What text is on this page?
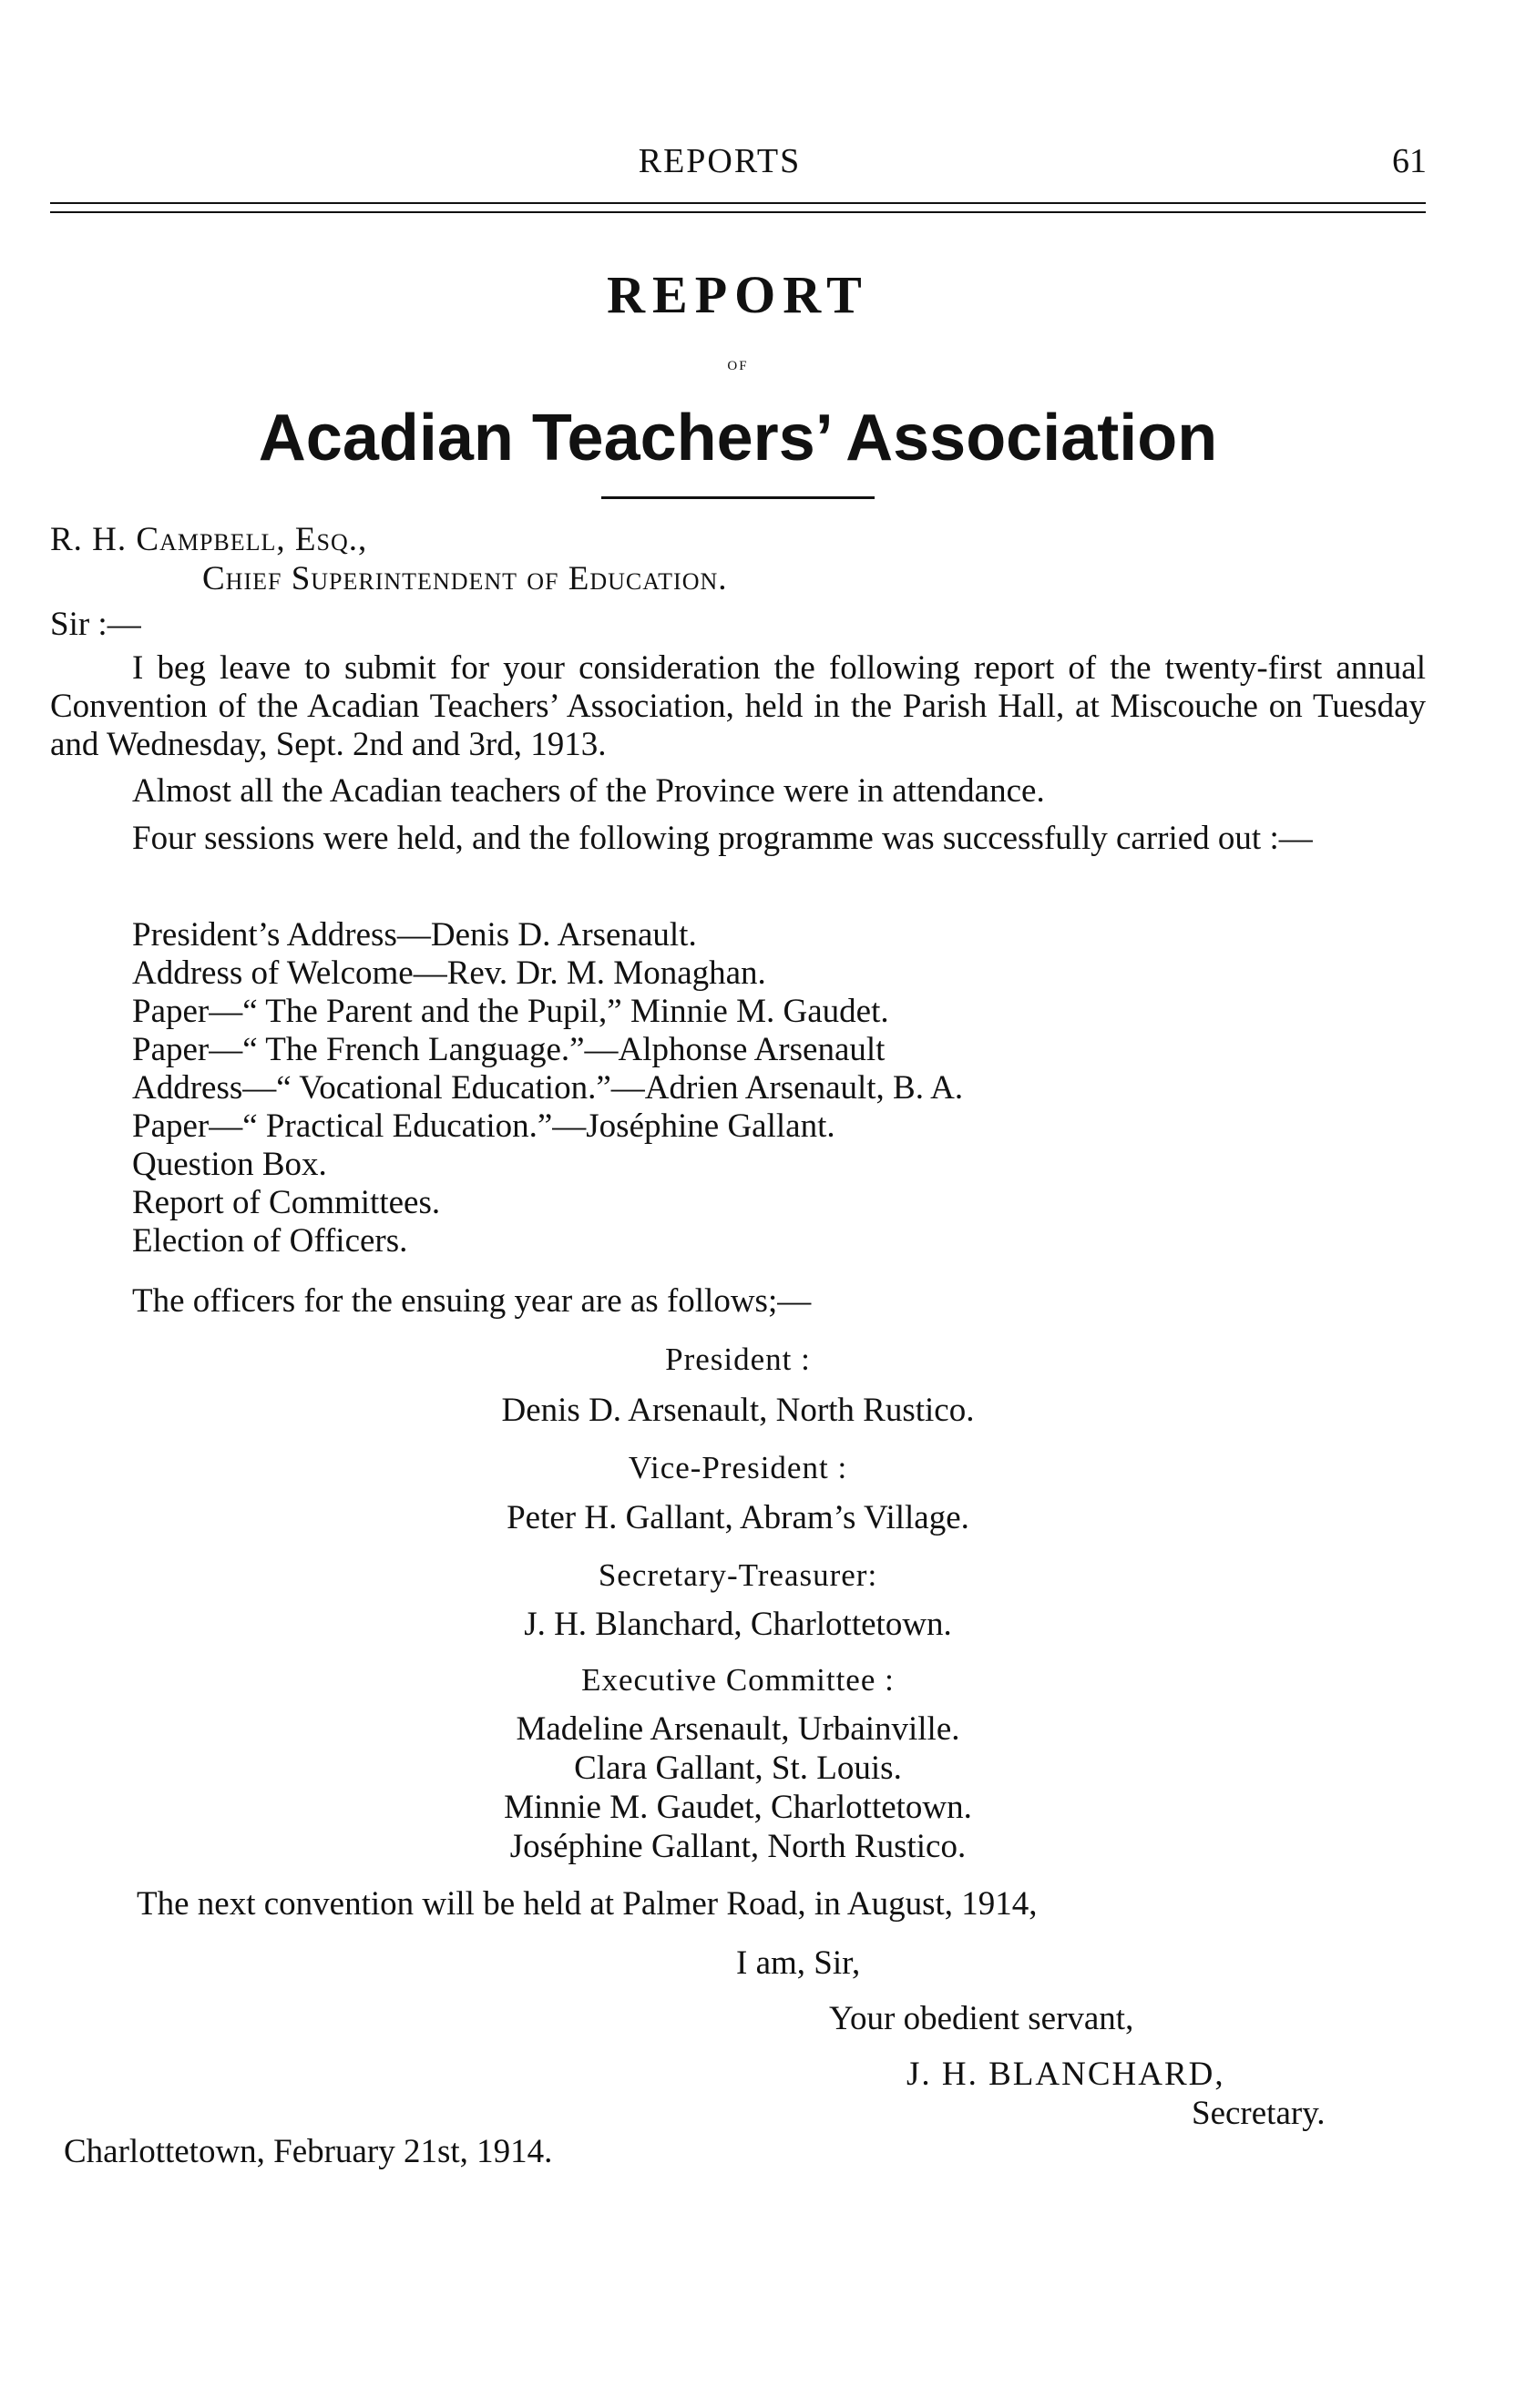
REPORTS	61
REPORT
of
Acadian Teachers’ Association
R. H. Campbell, Esq.,
Chief Superintendent of Education.
Sir :—
I beg leave to submit for your consideration the following report of the twenty-first annual Convention of the Acadian Teachers’ Association, held in the Parish Hall, at Miscouche on Tuesday and Wednesday, Sept. 2nd and 3rd, 1913.
Almost all the Acadian teachers of the Province were in attendance.
Four sessions were held, and the following programme was successfully carried out :—
President’s Address—Denis D. Arsenault.
Address of Welcome—Rev. Dr. M. Monaghan.
Paper—“ The Parent and the Pupil,” Minnie M. Gaudet.
Paper—“ The French Language.”—Alphonse Arsenault
Address—“ Vocational Education.”—Adrien Arsenault, B. A.
Paper—“ Practical Education.”—Joséphine Gallant.
Question Box.
Report of Committees.
Election of Officers.
The officers for the ensuing year are as follows;—
President :
Denis D. Arsenault, North Rustico.
Vice-President :
Peter H. Gallant, Abram’s Village.
Secretary-Treasurer:
J. H. Blanchard, Charlottetown.
Executive Committee :
Madeline Arsenault, Urbainville.
Clara Gallant, St. Louis.
Minnie M. Gaudet, Charlottetown.
Joséphine Gallant, North Rustico.
The next convention will be held at Palmer Road, in August, 1914,
I am, Sir,
Your obedient servant,
J. H. BLANCHARD,
Secretary.
Charlottetown, February 21st, 1914.
